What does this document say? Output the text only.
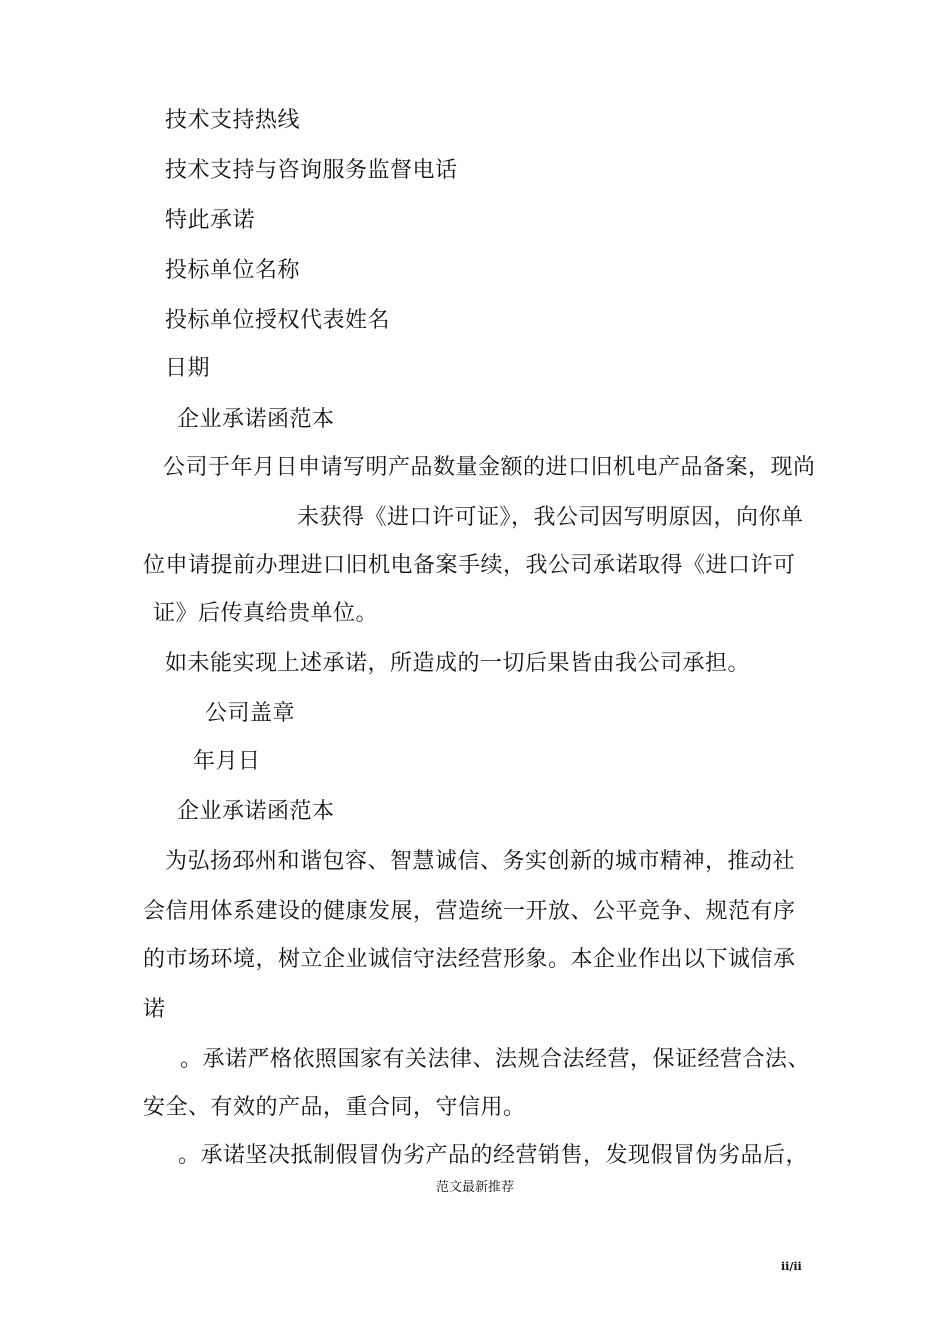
技术支持热线
技术支持与咨询服务监督电话
特此承诺
投标单位名称
投标单位授权代表姓名
日期
企业承诺函范本
公司于年月日申请写明产品数量金额的进口旧机电产品备案，现尚
未获得《进口许可证》，我公司因写明原因，向你单
位申请提前办理进口旧机电备案手续，我公司承诺取得《进口许可
证》后传真给贵单位。
如未能实现上述承诺，所造成的一切后果皆由我公司承担。
公司盖章
年月日
企业承诺函范本
为弘扬邳州和谐包容、智慧诚信、务实创新的城市精神，推动社
会信用体系建设的健康发展，营造统一开放、公平竞争、规范有序
的市场环境，树立企业诚信守法经营形象。本企业作出以下诚信承
诺
。承诺严格依照国家有关法律、法规合法经营，保证经营合法、
安全、有效的产品，重合同，守信用。
。承诺坚决抵制假冒伪劣产品的经营销售，发现假冒伪劣品后，
范文最新推荐
ii/ii
